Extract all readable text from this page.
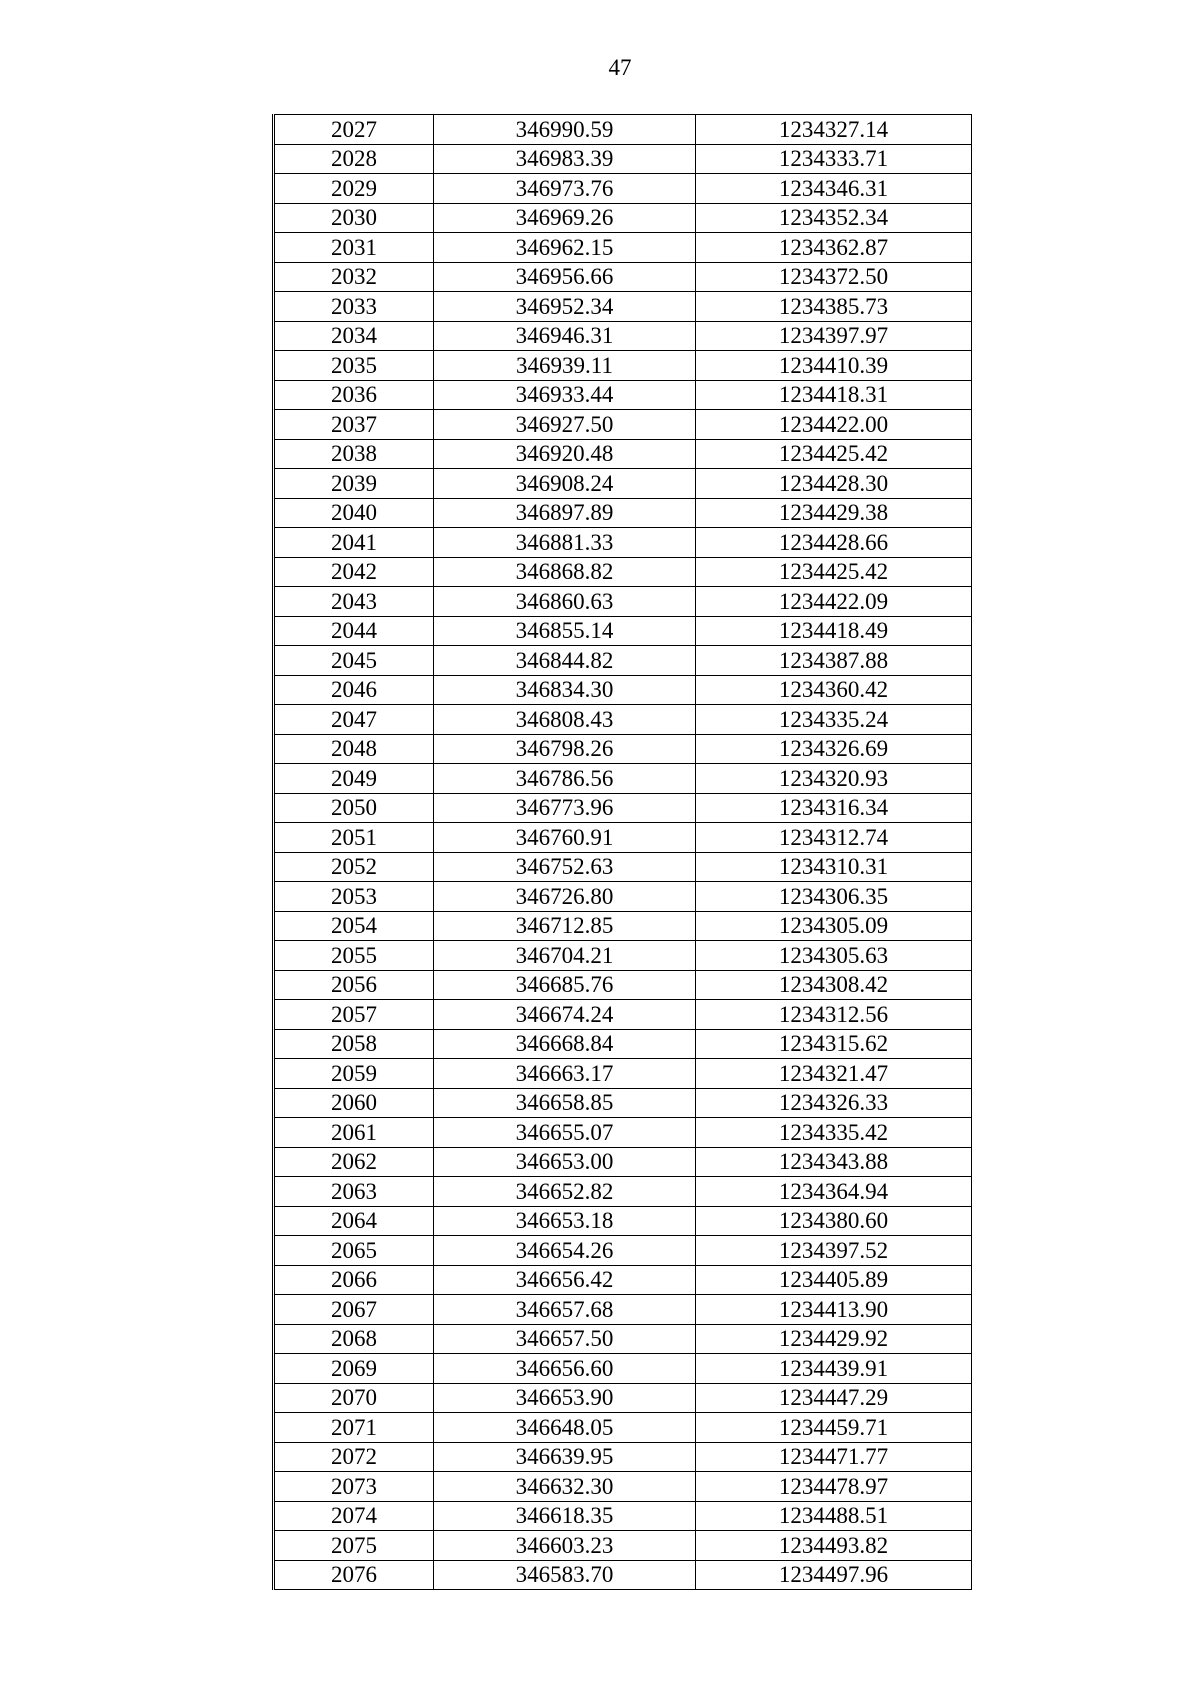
47
2027	346990.59	1234327.14
2028	346983.39	1234333.71
2029	346973.76	1234346.31
2030	346969.26	1234352.34
2031	346962.15	1234362.87
2032	346956.66	1234372.50
2033	346952.34	1234385.73
2034	346946.31	1234397.97
2035	346939.11	1234410.39
2036	346933.44	1234418.31
2037	346927.50	1234422.00
2038	346920.48	1234425.42
2039	346908.24	1234428.30
2040	346897.89	1234429.38
2041	346881.33	1234428.66
2042	346868.82	1234425.42
2043	346860.63	1234422.09
2044	346855.14	1234418.49
2045	346844.82	1234387.88
2046	346834.30	1234360.42
2047	346808.43	1234335.24
2048	346798.26	1234326.69
2049	346786.56	1234320.93
2050	346773.96	1234316.34
2051	346760.91	1234312.74
2052	346752.63	1234310.31
2053	346726.80	1234306.35
2054	346712.85	1234305.09
2055	346704.21	1234305.63
2056	346685.76	1234308.42
2057	346674.24	1234312.56
2058	346668.84	1234315.62
2059	346663.17	1234321.47
2060	346658.85	1234326.33
2061	346655.07	1234335.42
2062	346653.00	1234343.88
2063	346652.82	1234364.94
2064	346653.18	1234380.60
2065	346654.26	1234397.52
2066	346656.42	1234405.89
2067	346657.68	1234413.90
2068	346657.50	1234429.92
2069	346656.60	1234439.91
2070	346653.90	1234447.29
2071	346648.05	1234459.71
2072	346639.95	1234471.77
2073	346632.30	1234478.97
2074	346618.35	1234488.51
2075	346603.23	1234493.82
2076	346583.70	1234497.96
